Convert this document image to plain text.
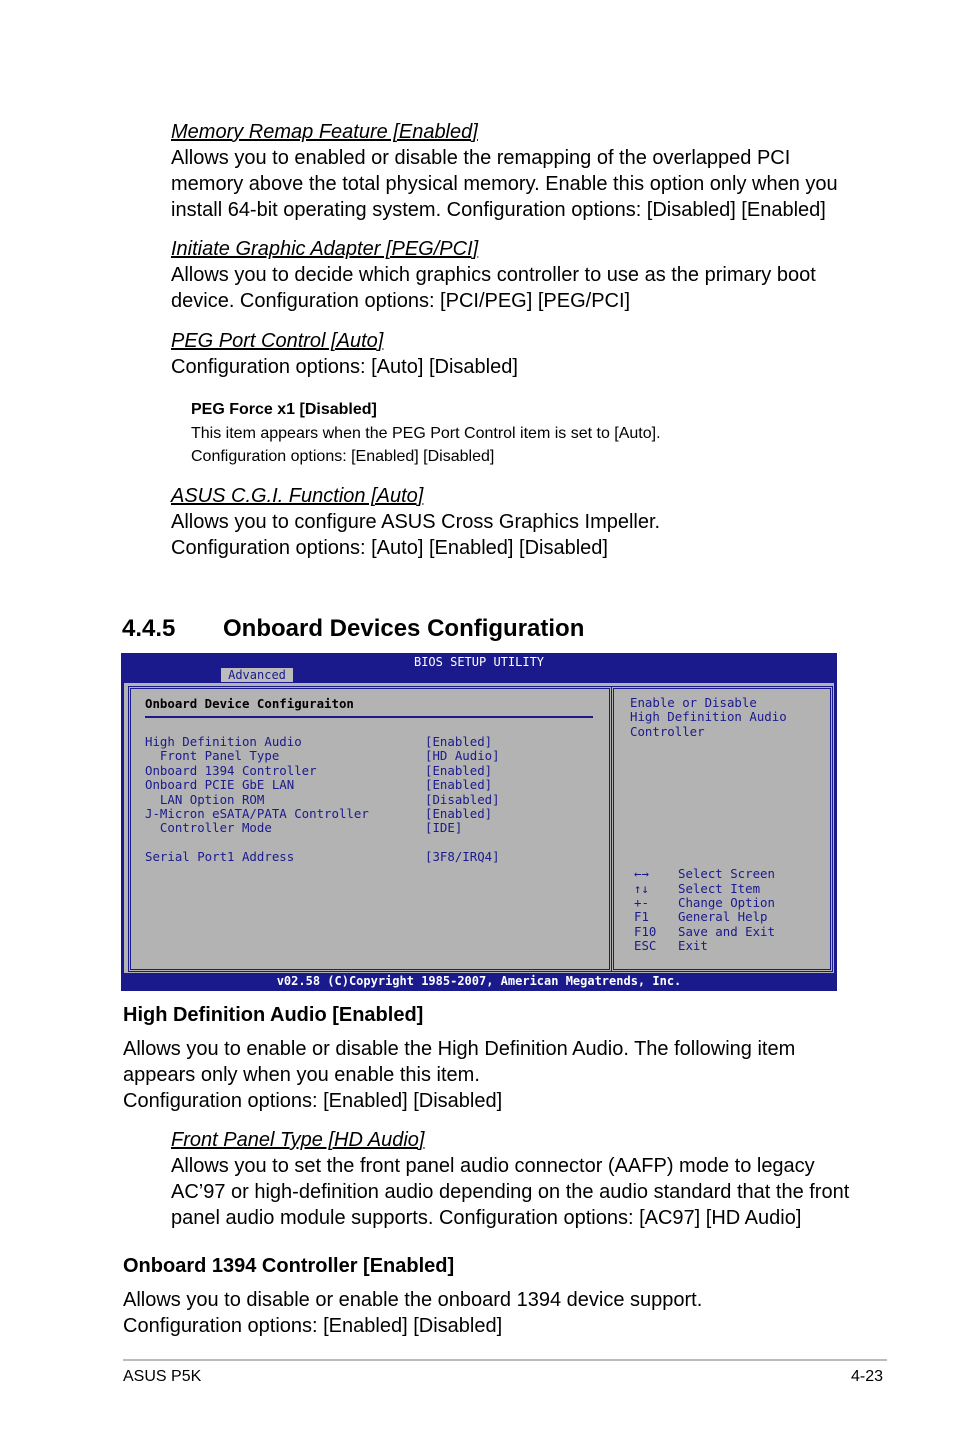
Memory Remap Feature [Enabled]
Allows you to enabled or disable the remapping of the overlapped PCI
memory above the total physical memory. Enable this option only when you
install 64-bit operating system. Configuration options: [Disabled] [Enabled]
Initiate Graphic Adapter [PEG/PCI]
Allows you to decide which graphics controller to use as the primary boot
device. Configuration options: [PCI/PEG] [PEG/PCI]
PEG Port Control [Auto]
Configuration options: [Auto] [Disabled]
PEG Force x1 [Disabled]
This item appears when the PEG Port Control item is set to [Auto].
Configuration options: [Enabled] [Disabled]
ASUS C.G.I. Function [Auto]
Allows you to configure ASUS Cross Graphics Impeller.
Configuration options: [Auto] [Enabled] [Disabled]
4.4.5 Onboard Devices Configuration
BIOS SETUP UTILITY
Advanced
Onboard Device Configuraiton
High Definition Audio	[Enabled]
Front Panel Type	[HD Audio]
Onboard 1394 Controller	[Enabled]
Onboard PCIE GbE LAN	[Enabled]
LAN Option ROM	[Disabled]
J-Micron eSATA/PATA Controller	[Enabled]
Controller Mode	[IDE]
Serial Port1 Address	[3F8/IRQ4]
Enable or Disable
High Definition Audio
Controller
←→ Select Screen
↑↓ Select Item
+- Change Option
F1 General Help
F10 Save and Exit
ESC Exit
v02.58 (C)Copyright 1985-2007, American Megatrends, Inc.
High Definition Audio [Enabled]
Allows you to enable or disable the High Definition Audio. The following item
appears only when you enable this item.
Configuration options: [Enabled] [Disabled]
Front Panel Type [HD Audio]
Allows you to set the front panel audio connector (AAFP) mode to legacy
AC’97 or high-definition audio depending on the audio standard that the front
panel audio module supports. Configuration options: [AC97] [HD Audio]
Onboard 1394 Controller [Enabled]
Allows you to disable or enable the onboard 1394 device support.
Configuration options: [Enabled] [Disabled]
ASUS P5K	4-23
